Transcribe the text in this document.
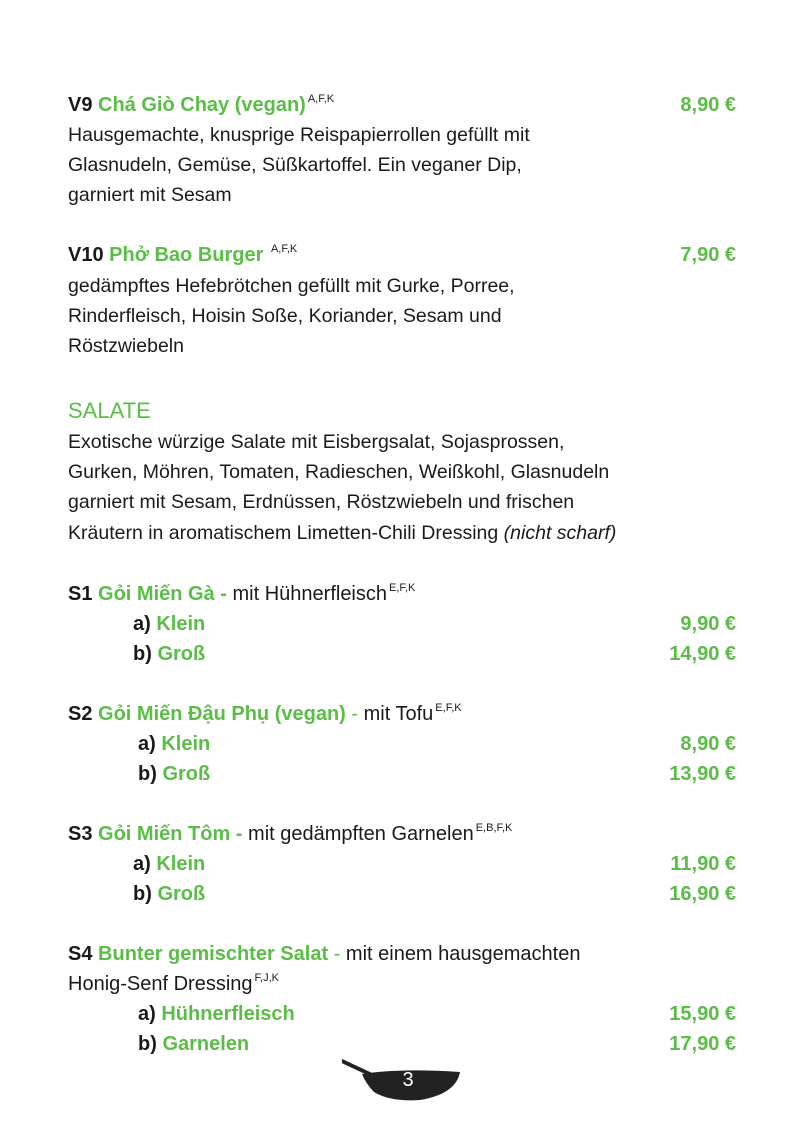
V9 Chá Giò Chay (vegan) $^{A,F,K}$	8,90 €
Hausgemachte, knusprige Reispapierrollen gefüllt mit
Glasnudeln, Gemüse, Süßkartoffel. Ein veganer Dip,
garniert mit Sesam
V10 Phở Bao Burger $^{A,F,K}$	7,90 €
gedämpftes Hefebrötchen gefüllt mit Gurke, Porree,
Rinderfleisch, Hoisin Soße, Koriander, Sesam und
Röstzwiebeln
SALATE
Exotische würzige Salate mit Eisbergsalat, Sojasprossen,
Gurken, Möhren, Tomaten, Radieschen, Weißkohl, Glasnudeln
garniert mit Sesam, Erdnüssen, Röstzwiebeln und frischen
Kräutern in aromatischem Limetten-Chili Dressing (nicht scharf)
S1 Gỏi Miến Gà - mit Hühnerfleisch $^{E,F,K}$
a) Klein	9,90 €
b) Groß	14,90 €
S2 Gỏi Miến Đậu Phụ (vegan) - mit Tofu $^{E,F,K}$
a) Klein	8,90 €
b) Groß	13,90 €
S3 Gỏi Miến Tôm - mit gedämpften Garnelen $^{E,B,F,K}$
a) Klein	11,90 €
b) Groß	16,90 €
S4 Bunter gemischter Salat - mit einem hausgemachten
Honig-Senf Dressing $^{F,J,K}$
a) Hühnerfleisch	15,90 €
b) Garnelen	17,90 €
3
